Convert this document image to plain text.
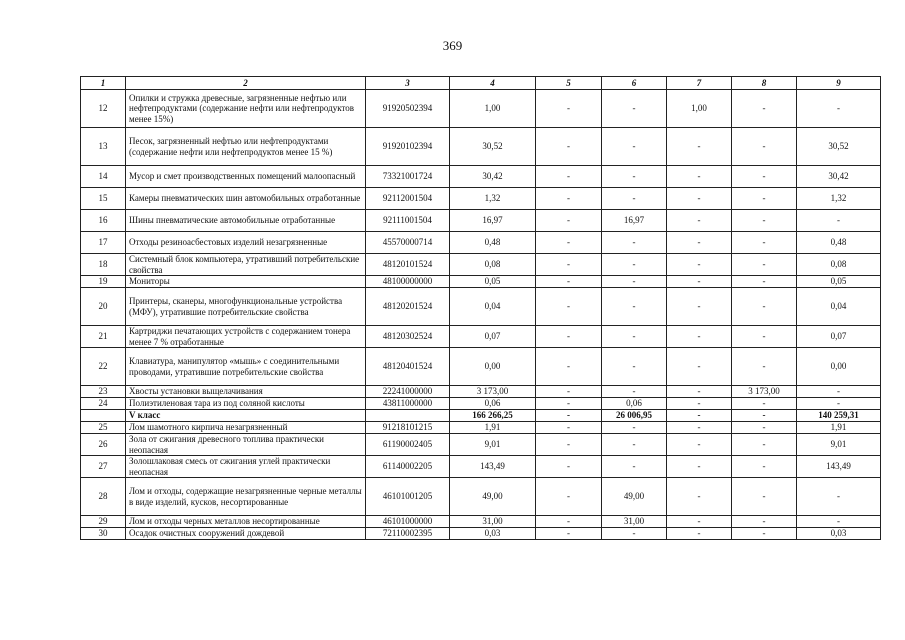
369
1	2	3	4	5	6	7	8	9
12	Опилки и стружка древесные, загрязненные нефтью или нефтепродуктами (содержание нефти или нефтепродуктов менее 15%)	91920502394	1,00	-	-	1,00	-	-
13	Песок, загрязненный нефтью или нефтепродуктами (содержание нефти или нефтепродуктов менее 15 %)	91920102394	30,52	-	-	-	-	30,52
14	Мусор и смет производственных помещений малоопасный	73321001724	30,42	-	-	-	-	30,42
15	Камеры пневматических шин автомобильных отработанные	92112001504	1,32	-	-	-	-	1,32
16	Шины пневматические автомобильные отработанные	92111001504	16,97	-	16,97	-	-	-
17	Отходы резиноасбестовых изделий незагрязненные	45570000714	0,48	-	-	-	-	0,48
18	Системный блок компьютера, утративший потребительские свойства	48120101524	0,08	-	-	-	-	0,08
19	Мониторы	48100000000	0,05	-	-	-	-	0,05
20	Принтеры, сканеры, многофункциональные устройства (МФУ), утратившие потребительские свойства	48120201524	0,04	-	-	-	-	0,04
21	Картриджи печатающих устройств с содержанием тонера менее 7 % отработанные	48120302524	0,07	-	-	-	-	0,07
22	Клавиатура, манипулятор «мышь» с соединительными проводами, утратившие потребительские свойства	48120401524	0,00	-	-	-	-	0,00
23	Хвосты установки выщелачивания	22241000000	3 173,00	-	-	-	3 173,00	-
24	Полиэтиленовая тара из под соляной кислоты	43811000000	0,06	-	0,06	-	-	-
	V класс		166 266,25	-	26 006,95	-	-	140 259,31
25	Лом шамотного кирпича незагрязненный	91218101215	1,91	-	-	-	-	1,91
26	Зола от сжигания древесного топлива практически неопасная	61190002405	9,01	-	-	-	-	9,01
27	Золошлаковая смесь от сжигания углей практически неопасная	61140002205	143,49	-	-	-	-	143,49
28	Лом и отходы, содержащие незагрязненные черные металлы в виде изделий, кусков, несортированные	46101001205	49,00	-	49,00	-	-	-
29	Лом и отходы черных металлов несортированные	46101000000	31,00	-	31,00	-	-	-
30	Осадок очистных сооружений дождевой	72110002395	0,03	-	-	-	-	0,03
